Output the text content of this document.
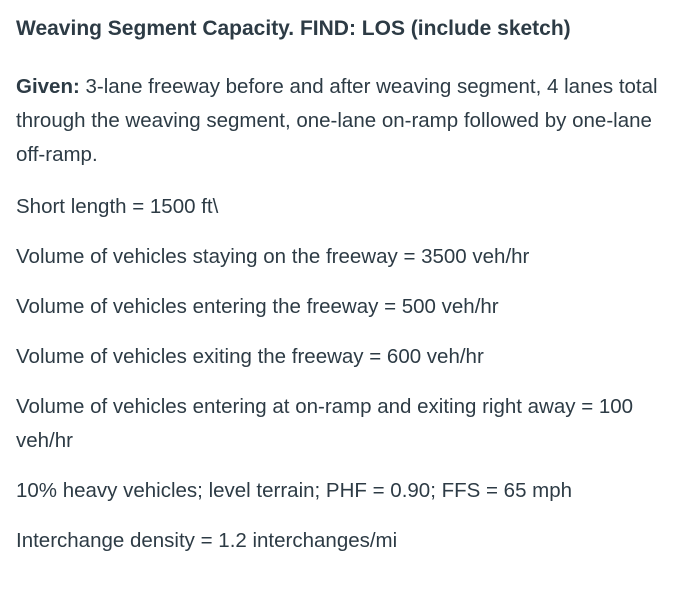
Weaving Segment Capacity. FIND: LOS (include sketch)
Given: 3-lane freeway before and after weaving segment, 4 lanes total through the weaving segment, one-lane on-ramp followed by one-lane off-ramp.
Short length = 1500 ft\
Volume of vehicles staying on the freeway = 3500 veh/hr
Volume of vehicles entering the freeway = 500 veh/hr
Volume of vehicles exiting the freeway = 600 veh/hr
Volume of vehicles entering at on-ramp and exiting right away = 100 veh/hr
10% heavy vehicles; level terrain; PHF = 0.90; FFS = 65 mph
Interchange density = 1.2 interchanges/mi
